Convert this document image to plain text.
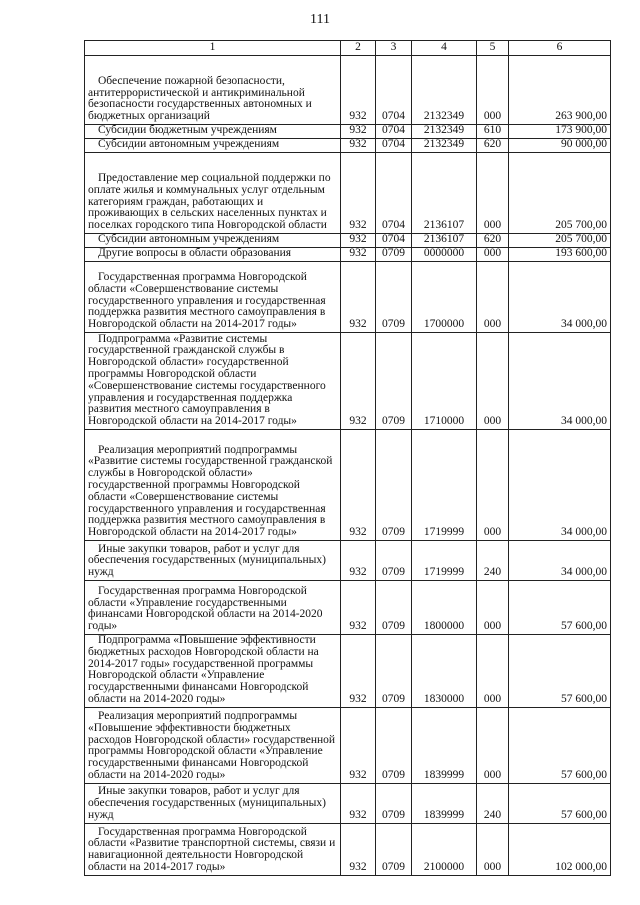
111
1	2	3	4	5	6
Обеспечение пожарной безопасности, антитеррористической и антикриминальной безопасности государственных автономных и бюджетных организаций	932	0704	2132349	000	263 900,00
Субсидии бюджетным учреждениям	932	0704	2132349	610	173 900,00
Субсидии автономным учреждениям	932	0704	2132349	620	90 000,00
Предоставление мер социальной поддержки по оплате жилья и коммунальных услуг отдельным категориям граждан, работающих и проживающих в сельских населенных пунктах и поселках городского типа Новгородской области	932	0704	2136107	000	205 700,00
Субсидии автономным учреждениям	932	0704	2136107	620	205 700,00
Другие вопросы в области образования	932	0709	0000000	000	193 600,00
Государственная программа Новгородской области «Совершенствование системы государственного управления и государственная поддержка развития местного самоуправления в Новгородской области на 2014-2017 годы»	932	0709	1700000	000	34 000,00
Подпрограмма «Развитие системы государственной гражданской службы в Новгородской области» государственной программы Новгородской области «Совершенствование системы государственного управления и государственная поддержка развития местного самоуправления в Новгородской области на 2014-2017 годы»	932	0709	1710000	000	34 000,00
Реализация мероприятий подпрограммы «Развитие системы государственной гражданской службы в Новгородской области» государственной программы Новгородской области «Совершенствование системы государственного управления и государственная поддержка развития местного самоуправления в Новгородской области на 2014-2017 годы»	932	0709	1719999	000	34 000,00
Иные закупки товаров, работ и услуг для обеспечения государственных (муниципальных) нужд	932	0709	1719999	240	34 000,00
Государственная программа Новгородской области «Управление государственными финансами Новгородской области на 2014-2020 годы»	932	0709	1800000	000	57 600,00
Подпрограмма «Повышение эффективности бюджетных расходов Новгородской области на 2014-2017 годы» государственной программы Новгородской области «Управление государственными финансами Новгородской области на 2014-2020 годы»	932	0709	1830000	000	57 600,00
Реализация мероприятий подпрограммы «Повышение эффективности бюджетных расходов Новгородской области» государственной программы Новгородской области «Управление государственными финансами Новгородской области на 2014-2020 годы»	932	0709	1839999	000	57 600,00
Иные закупки товаров, работ и услуг для обеспечения государственных (муниципальных) нужд	932	0709	1839999	240	57 600,00
Государственная программа Новгородской области «Развитие транспортной системы, связи и навигационной деятельности Новгородской области на 2014-2017 годы»	932	0709	2100000	000	102 000,00
